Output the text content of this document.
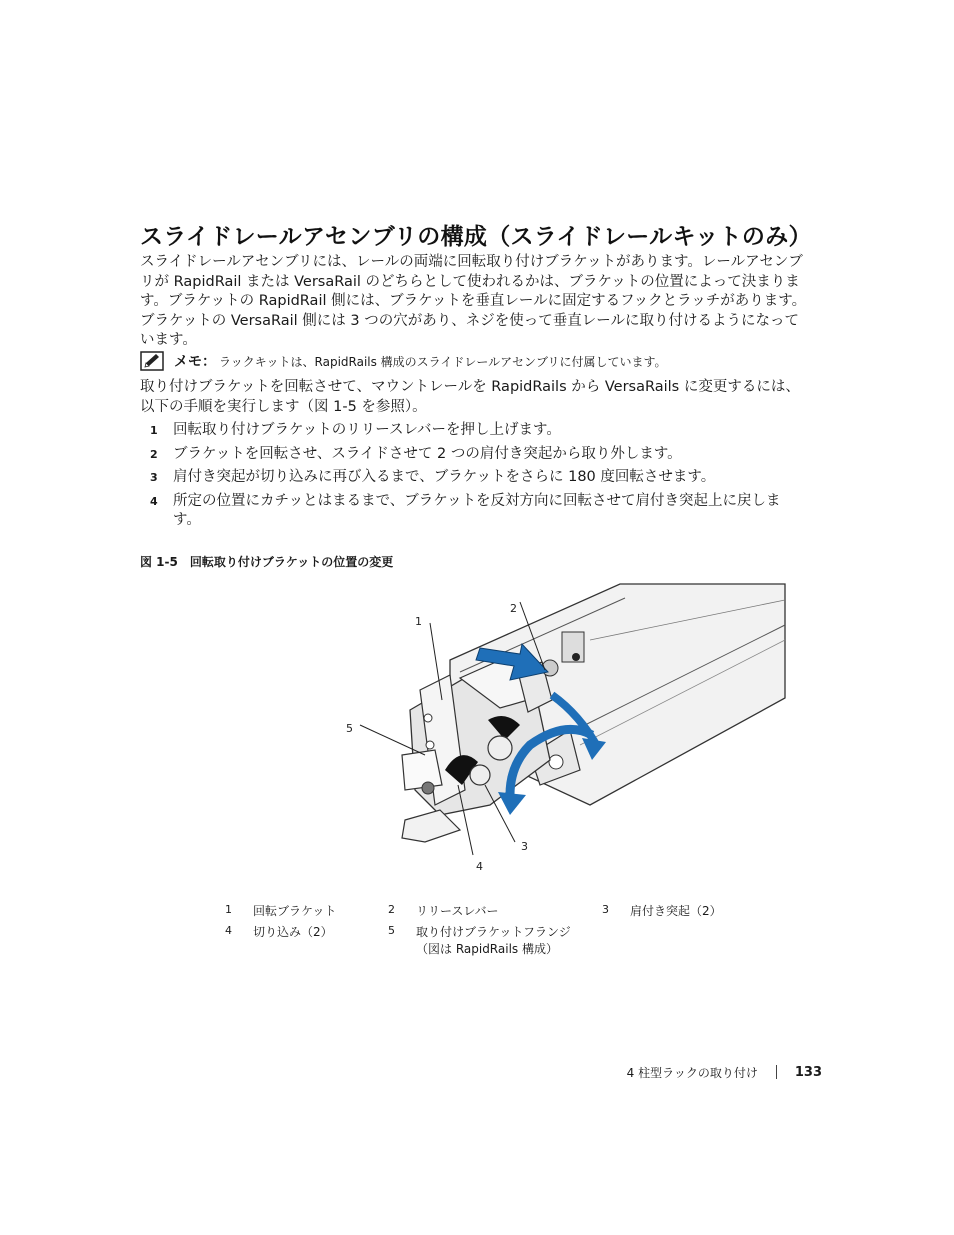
スライドレールアセンブリの構成（スライドレールキットのみ）
スライドレールアセンブリには、レールの両端に回転取り付けブラケットがあります。レールアセンブリが RapidRail または VersaRail のどちらとして使われるかは、ブラケットの位置によって決まります。ブラケットの RapidRail 側には、ブラケットを垂直レールに固定するフックとラッチがあります。ブラケットの VersaRail 側には 3 つの穴があり、ネジを使って垂直レールに取り付けるようになっています。
メモ： ラックキットは、RapidRails 構成のスライドレールアセンブリに付属しています。
取り付けブラケットを回転させて、マウントレールを RapidRails から VersaRails に変更するには、以下の手順を実行します（図 1-5 を参照）。
1	回転取り付けブラケットのリリースレバーを押し上げます。
2	ブラケットを回転させ、スライドさせて 2 つの肩付き突起から取り外します。
3	肩付き突起が切り込みに再び入るまで、ブラケットをさらに 180 度回転させます。
4	所定の位置にカチッとはまるまで、ブラケットを反対方向に回転させて肩付き突起上に戻します。
図 1-5 回転取り付けブラケットの位置の変更
1
2
3
4
5
1	回転ブラケット	2	リリースレバー	3	肩付き突起（2）
4	切り込み（2）	5	取り付けブラケットフランジ（図は RapidRails 構成）
4 柱型ラックの取り付け	133
